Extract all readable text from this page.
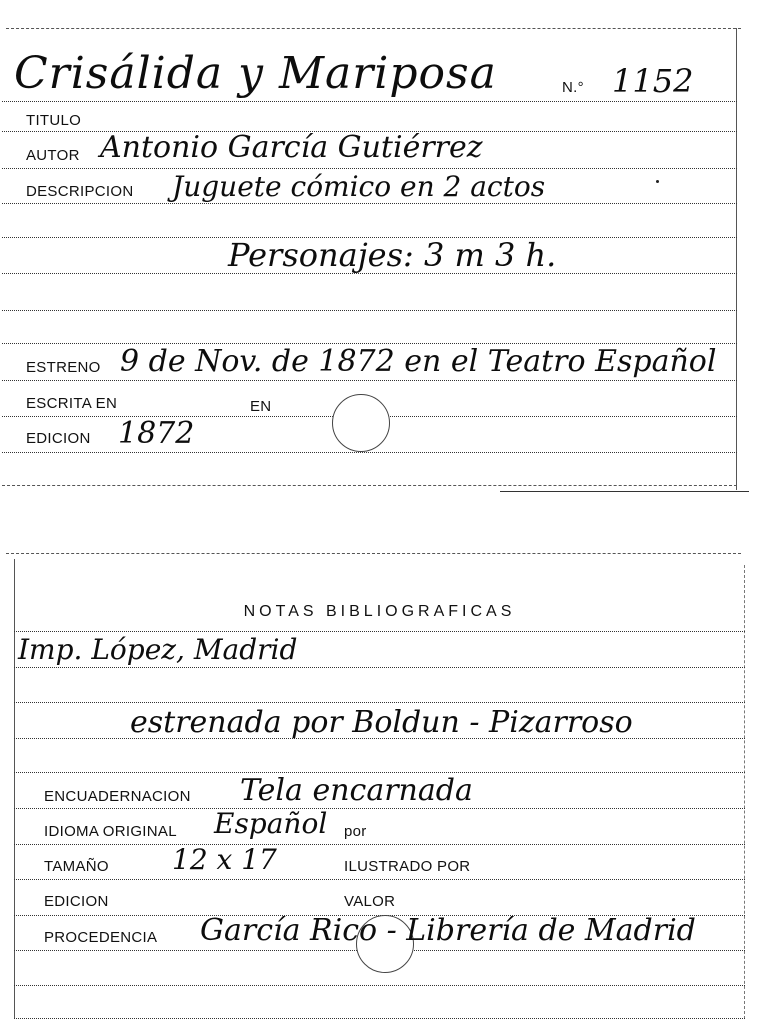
Crisálida y Mariposa	N.° 1152
TITULO
AUTOR Antonio García Gutiérrez
DESCRIPCION Juguete cómico en 2 actos
Personajes: 3 m 3 h.
ESTRENO 9 de Nov. de 1872 en el Teatro Español
ESCRITA EN	EN
EDICION 1872
NOTAS BIBLIOGRAFICAS
Imp. López, Madrid
estrenada por Boldun - Pizarroso
ENCUADERNACION Tela encarnada
IDIOMA ORIGINAL Español por
TAMAÑO 12 x 17	ILUSTRADO POR
EDICION	VALOR
PROCEDENCIA García Rico - Librería de Madrid
